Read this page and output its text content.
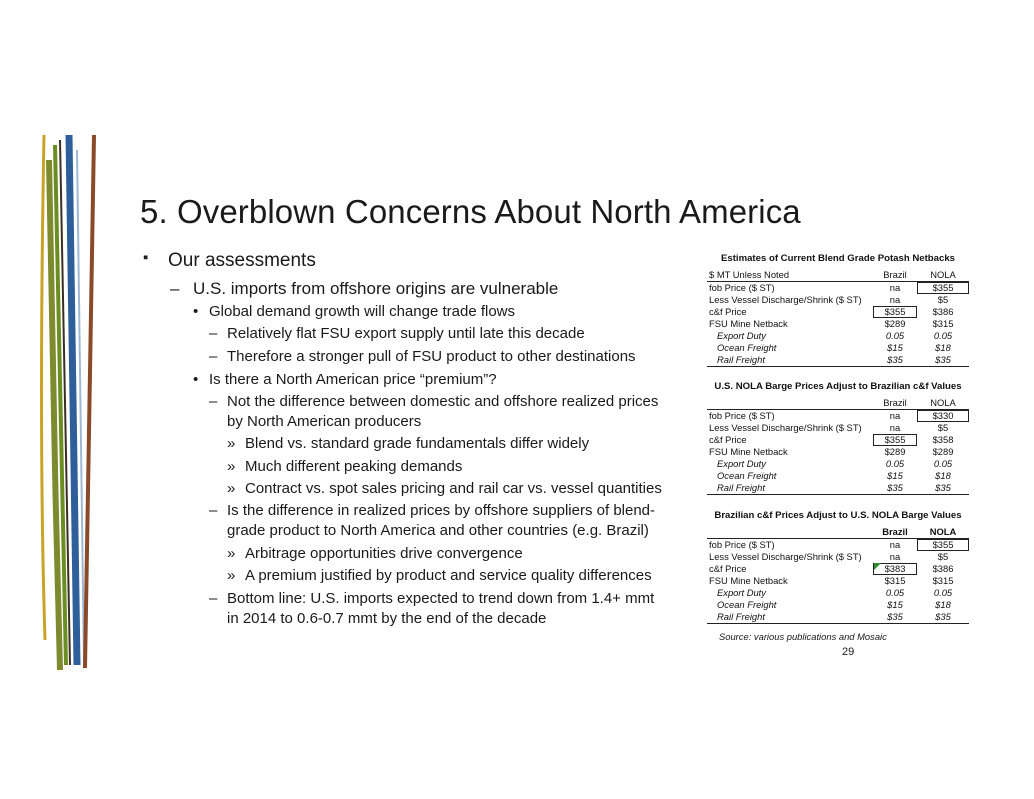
5. Overblown Concerns About North America
▪ Our assessments
– U.S. imports from offshore origins are vulnerable
• Global demand growth will change trade flows
– Relatively flat FSU export supply until late this decade
– Therefore a stronger pull of FSU product to other destinations
• Is there a North American price “premium”?
– Not the difference between domestic and offshore realized prices
by North American producers
» Blend vs. standard grade fundamentals differ widely
» Much different peaking demands
» Contract vs. spot sales pricing and rail car vs. vessel quantities
– Is the difference in realized prices by offshore suppliers of blend-
grade product to North America and other countries (e.g. Brazil)
» Arbitrage opportunities drive convergence
» A premium justified by product and service quality differences
– Bottom line: U.S. imports expected to trend down from 1.4+ mmt
in 2014 to 0.6-0.7 mmt by the end of the decade
Estimates of Current Blend Grade Potash Netbacks
$ MT Unless Noted	Brazil	NOLA
fob Price ($ ST)	na	$355
Less Vessel Discharge/Shrink ($ ST)	na	$5
c&f Price	$355	$386
FSU Mine Netback	$289	$315
Export Duty	0.05	0.05
Ocean Freight	$15	$18
Rail Freight	$35	$35
U.S. NOLA Barge Prices Adjust to Brazilian c&f Values
	Brazil	NOLA
fob Price ($ ST)	na	$330
Less Vessel Discharge/Shrink ($ ST)	na	$5
c&f Price	$355	$358
FSU Mine Netback	$289	$289
Export Duty	0.05	0.05
Ocean Freight	$15	$18
Rail Freight	$35	$35
Brazilian c&f Prices Adjust to U.S. NOLA Barge Values
	Brazil	NOLA
fob Price ($ ST)	na	$355
Less Vessel Discharge/Shrink ($ ST)	na	$5
c&f Price	$383	$386
FSU Mine Netback	$315	$315
Export Duty	0.05	0.05
Ocean Freight	$15	$18
Rail Freight	$35	$35
Source: various publications and Mosaic
29
